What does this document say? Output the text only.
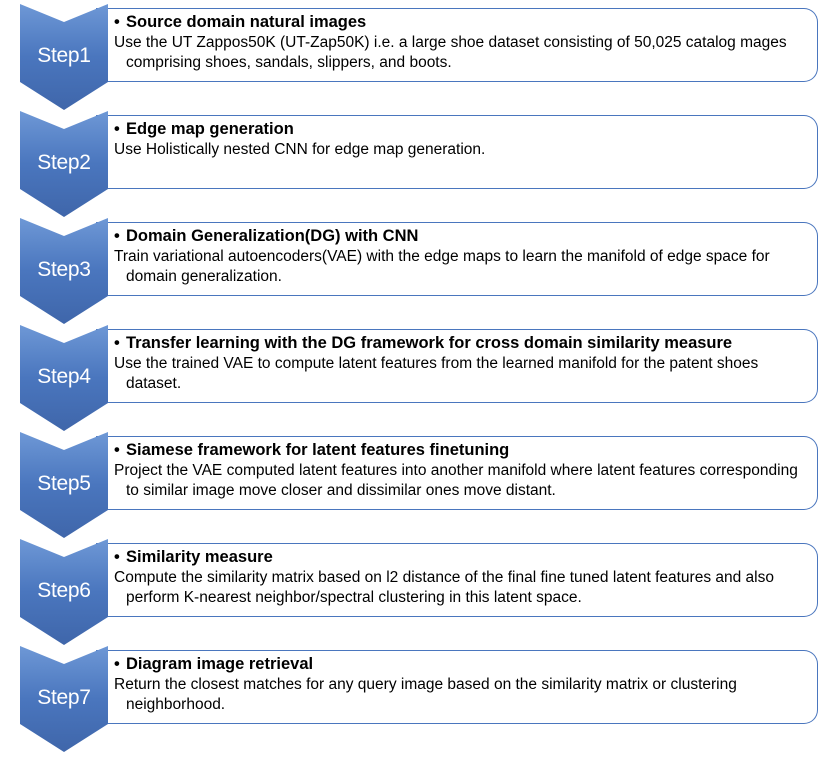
Step1
• Source domain natural images
Use the UT Zappos50K (UT-Zap50K) i.e. a large shoe dataset consisting of 50,025 catalog mages comprising shoes, sandals, slippers, and boots.
Step2
• Edge map generation
Use Holistically nested CNN for edge map generation.
Step3
• Domain Generalization(DG) with CNN
Train variational autoencoders(VAE) with the edge maps to learn the manifold of edge space for domain generalization.
Step4
• Transfer learning with the DG framework for cross domain similarity measure
Use the trained VAE to compute latent features from the learned manifold for the patent shoes dataset.
Step5
• Siamese framework for latent features finetuning
Project the VAE computed latent features into another manifold where latent features corresponding to similar image move closer and dissimilar ones move distant.
Step6
• Similarity measure
Compute the similarity matrix based on l2 distance of the final fine tuned latent features and also perform K-nearest neighbor/spectral clustering in this latent space.
Step7
• Diagram image retrieval
Return the closest matches for any query image based on the similarity matrix or clustering neighborhood.
